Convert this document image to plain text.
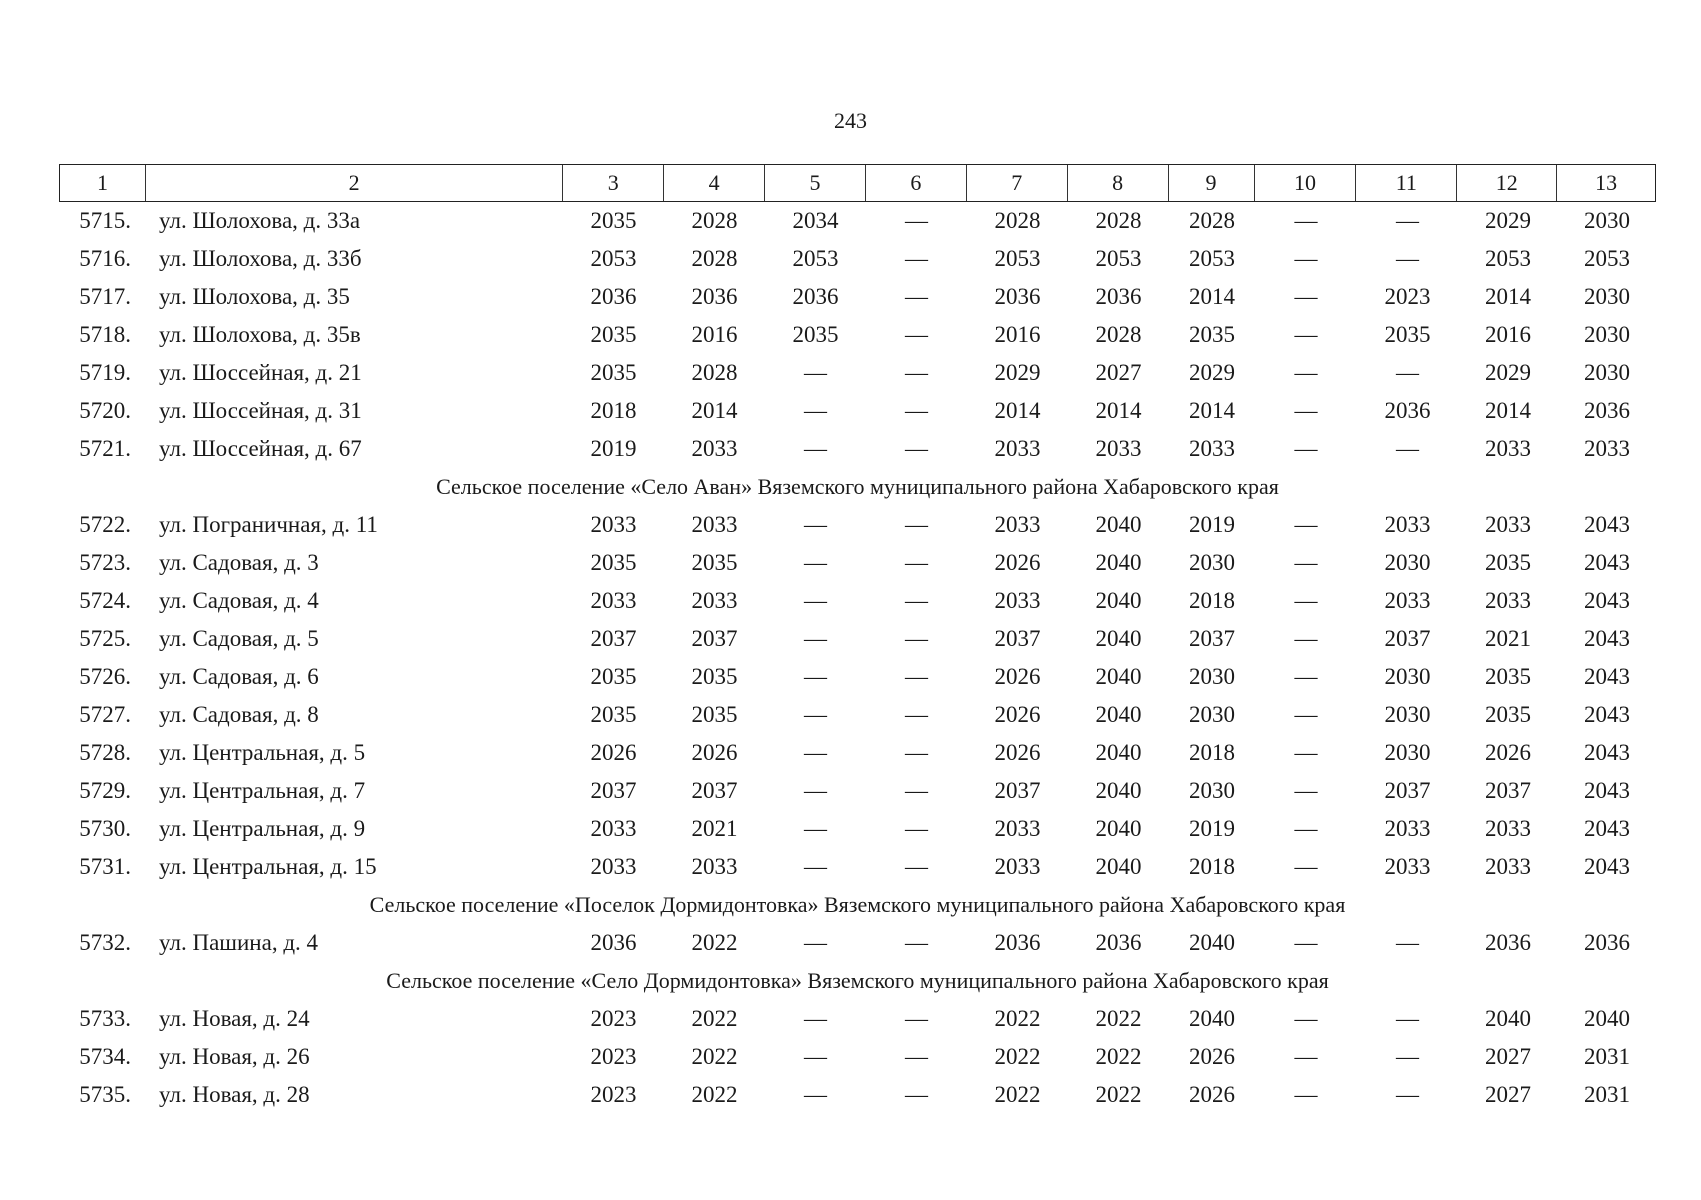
243
1	2	3	4	5	6	7	8	9	10	11	12	13
5715.	ул. Шолохова, д. 33а	2035	2028	2034	—	2028	2028	2028	—	—	2029	2030
5716.	ул. Шолохова, д. 33б	2053	2028	2053	—	2053	2053	2053	—	—	2053	2053
5717.	ул. Шолохова, д. 35	2036	2036	2036	—	2036	2036	2014	—	2023	2014	2030
5718.	ул. Шолохова, д. 35в	2035	2016	2035	—	2016	2028	2035	—	2035	2016	2030
5719.	ул. Шоссейная, д. 21	2035	2028	—	—	2029	2027	2029	—	—	2029	2030
5720.	ул. Шоссейная, д. 31	2018	2014	—	—	2014	2014	2014	—	2036	2014	2036
5721.	ул. Шоссейная, д. 67	2019	2033	—	—	2033	2033	2033	—	—	2033	2033
Сельское поселение «Село Аван» Вяземского муниципального района Хабаровского края
5722.	ул. Пограничная, д. 11	2033	2033	—	—	2033	2040	2019	—	2033	2033	2043
5723.	ул. Садовая, д. 3	2035	2035	—	—	2026	2040	2030	—	2030	2035	2043
5724.	ул. Садовая, д. 4	2033	2033	—	—	2033	2040	2018	—	2033	2033	2043
5725.	ул. Садовая, д. 5	2037	2037	—	—	2037	2040	2037	—	2037	2021	2043
5726.	ул. Садовая, д. 6	2035	2035	—	—	2026	2040	2030	—	2030	2035	2043
5727.	ул. Садовая, д. 8	2035	2035	—	—	2026	2040	2030	—	2030	2035	2043
5728.	ул. Центральная, д. 5	2026	2026	—	—	2026	2040	2018	—	2030	2026	2043
5729.	ул. Центральная, д. 7	2037	2037	—	—	2037	2040	2030	—	2037	2037	2043
5730.	ул. Центральная, д. 9	2033	2021	—	—	2033	2040	2019	—	2033	2033	2043
5731.	ул. Центральная, д. 15	2033	2033	—	—	2033	2040	2018	—	2033	2033	2043
Сельское поселение «Поселок Дормидонтовка» Вяземского муниципального района Хабаровского края
5732.	ул. Пашина, д. 4	2036	2022	—	—	2036	2036	2040	—	—	2036	2036
Сельское поселение «Село Дормидонтовка» Вяземского муниципального района Хабаровского края
5733.	ул. Новая, д. 24	2023	2022	—	—	2022	2022	2040	—	—	2040	2040
5734.	ул. Новая, д. 26	2023	2022	—	—	2022	2022	2026	—	—	2027	2031
5735.	ул. Новая, д. 28	2023	2022	—	—	2022	2022	2026	—	—	2027	2031
